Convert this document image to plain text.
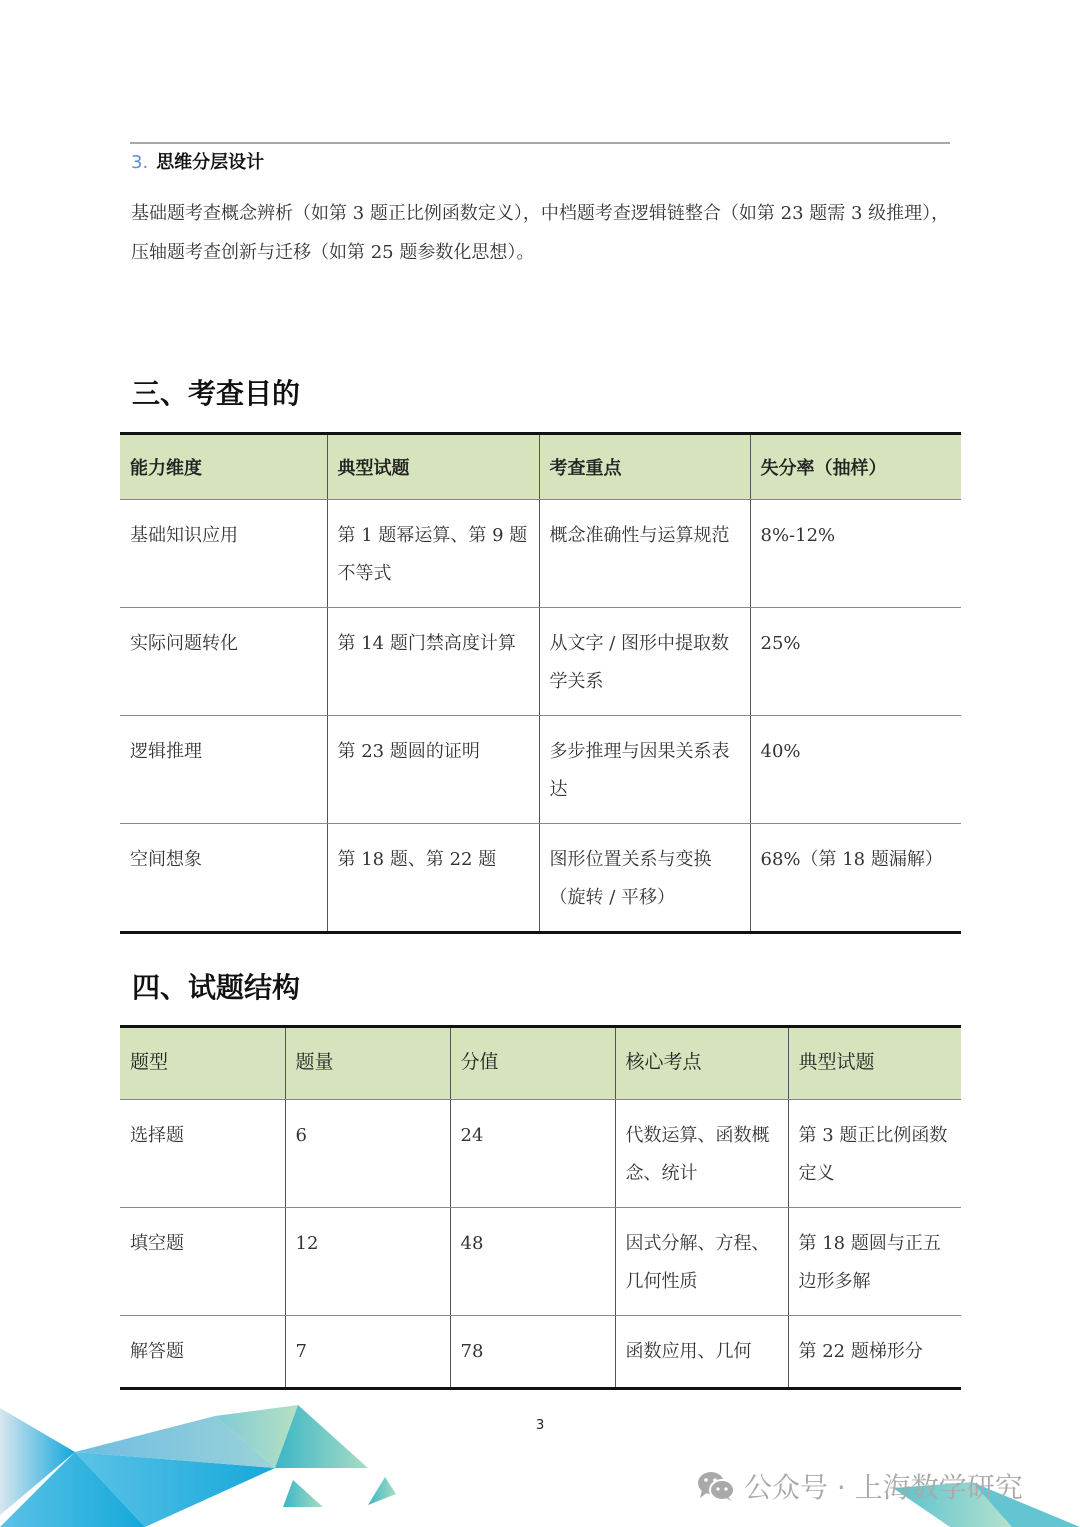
3. 思维分层设计
基础题考查概念辨析（如第 3 题正比例函数定义），中档题考查逻辑链整合（如第 23 题需 3 级推理），压轴题考查创新与迁移（如第 25 题参数化思想）。
三、考查目的
能力维度	典型试题	考查重点	失分率（抽样）
基础知识应用	第 1 题幂运算、第 9 题不等式	概念准确性与运算规范	8%-12%
实际问题转化	第 14 题门禁高度计算	从文字 / 图形中提取数学关系	25%
逻辑推理	第 23 题圆的证明	多步推理与因果关系表达	40%
空间想象	第 18 题、第 22 题	图形位置关系与变换（旋转 / 平移）	68%（第 18 题漏解）
四、试题结构
题型	题量	分值	核心考点	典型试题
选择题	6	24	代数运算、函数概念、统计	第 3 题正比例函数定义
填空题	12	48	因式分解、方程、几何性质	第 18 题圆与正五边形多解
解答题	7	78	函数应用、几何	第 22 题梯形分
3
公众号 · 上海数学研究
